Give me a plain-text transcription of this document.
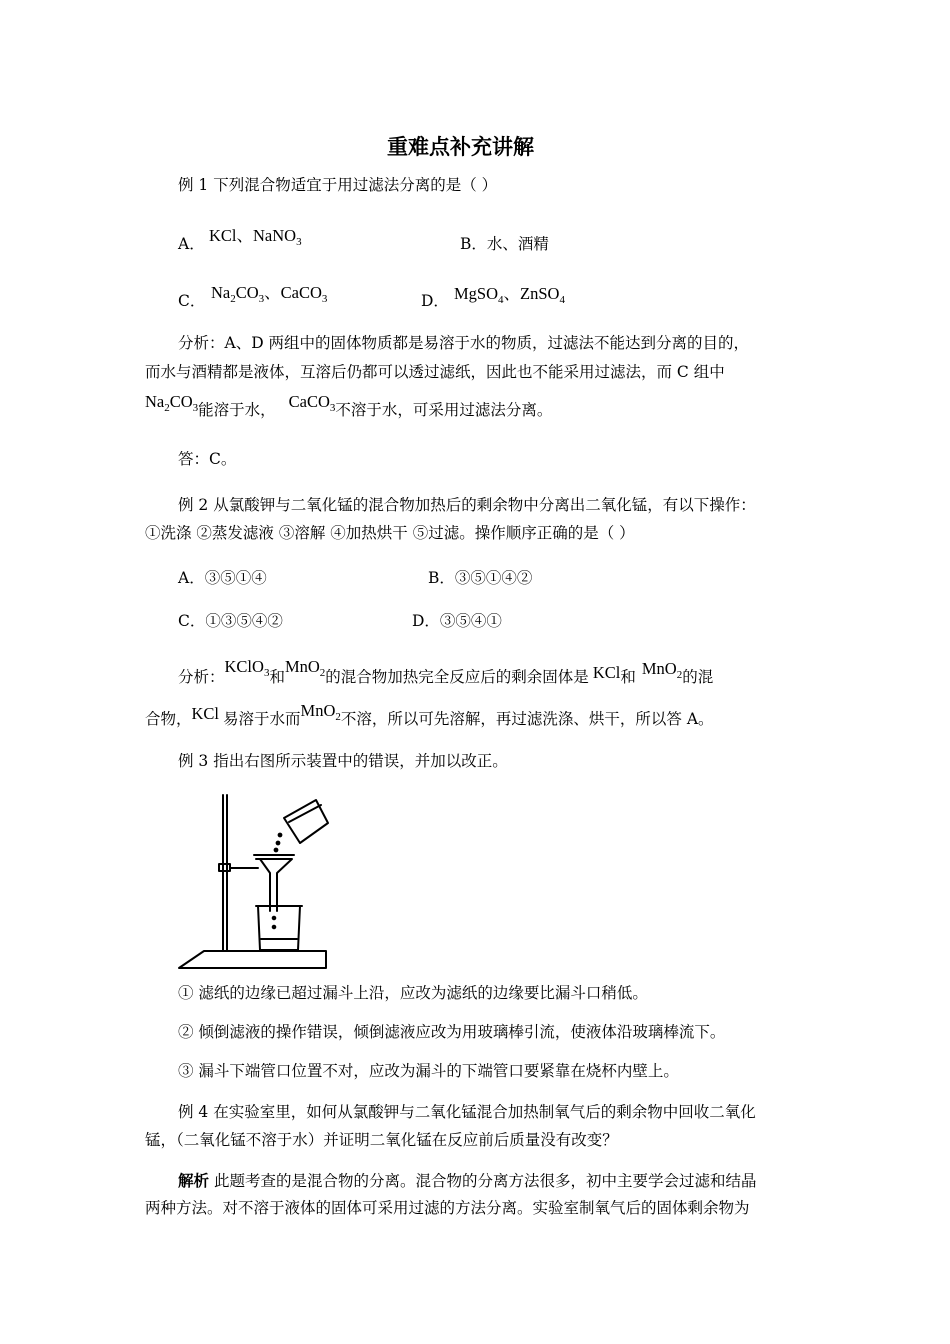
重难点补充讲解
例 1 下列混合物适宜于用过滤法分离的是（ ）
A． KCl、NaNO$_3$	B．水、酒精
C． $Na_2CO_3$、CaCO$_3$	D． MgSO$_4$、ZnSO$_4$
分析：A、D 两组中的固体物质都是易溶于水的物质，过滤法不能达到分离的目的，
而水与酒精都是液体，互溶后仍都可以透过滤纸，因此也不能采用过滤法，而 C 组中
$Na_2CO_3$能溶于水， CaCO$_3$不溶于水，可采用过滤法分离。
答：C。
例 2 从氯酸钾与二氧化锰的混合物加热后的剩余物中分离出二氧化锰，有以下操作：
①洗涤 ②蒸发滤液 ③溶解 ④加热烘干 ⑤过滤。操作顺序正确的是（ ）
A．③⑤①④	B．③⑤①④②
C．①③⑤④②	D．③⑤④①
分析：KClO$_3$和MnO$_2$的混合物加热完全反应后的剩余固体是 KCl和 MnO$_2$的混
合物，KCl 易溶于水而MnO$_2$不溶，所以可先溶解，再过滤洗涤、烘干，所以答 A。
例 3 指出右图所示装置中的错误，并加以改正。
① 滤纸的边缘已超过漏斗上沿，应改为滤纸的边缘要比漏斗口稍低。
② 倾倒滤液的操作错误，倾倒滤液应改为用玻璃棒引流，使液体沿玻璃棒流下。
③ 漏斗下端管口位置不对，应改为漏斗的下端管口要紧靠在烧杯内壁上。
例 4 在实验室里，如何从氯酸钾与二氧化锰混合加热制氧气后的剩余物中回收二氧化
锰，（二氧化锰不溶于水）并证明二氧化锰在反应前后质量没有改变？
解析 此题考查的是混合物的分离。混合物的分离方法很多，初中主要学会过滤和结晶
两种方法。对不溶于液体的固体可采用过滤的方法分离。实验室制氧气后的固体剩余物为
